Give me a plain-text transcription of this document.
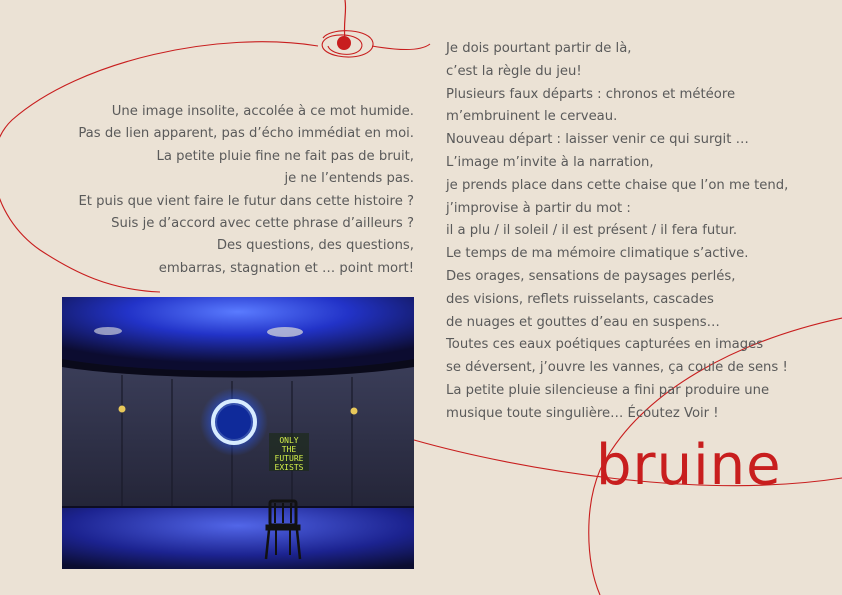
Une image insolite, accolée à ce mot humide.
Pas de lien apparent, pas d’écho immédiat en moi.
La petite pluie fine ne fait pas de bruit,
je ne l’entends pas.
Et puis que vient faire le futur dans cette histoire ?
Suis je d’accord avec cette phrase d’ailleurs ?
Des questions, des questions,
embarras, stagnation et … point mort!
Je dois pourtant partir de là,
c’est la règle du jeu!
Plusieurs faux départs : chronos et météore
m’embruinent le cerveau.
Nouveau départ : laisser venir ce qui surgit …
L’image m’invite à la narration,
je prends place dans cette chaise que l’on me tend,
j’improvise à partir du mot :
il a plu / il soleil / il est présent / il fera futur.
Le temps de ma mémoire climatique s’active.
Des orages, sensations de paysages perlés,
des visions, reflets ruisselants, cascades
de nuages et gouttes d’eau en suspens…
Toutes ces eaux poétiques capturées en images
se déversent, j’ouvre les vannes, ça coule de sens !
La petite pluie silencieuse a fini par produire une
musique toute singulière… Écoutez Voir !
bruine
ONLY
THE
FUTURE
EXISTS
